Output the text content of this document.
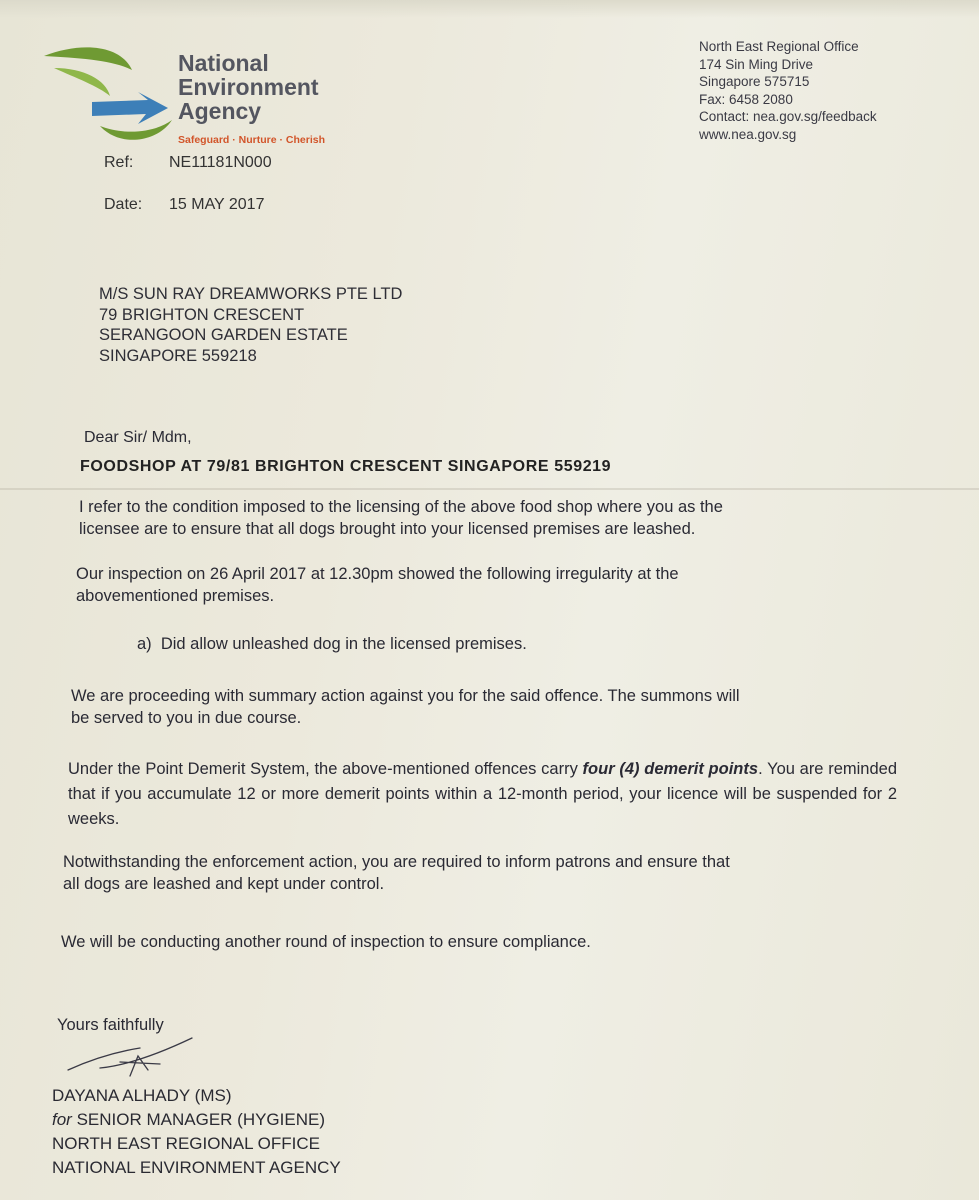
National
Environment
Agency
Safeguard · Nurture · Cherish
North East Regional Office
174 Sin Ming Drive
Singapore 575715
Fax: 6458 2080
Contact: nea.gov.sg/feedback
www.nea.gov.sg
Ref: NE11181N000
Date: 15 MAY 2017
M/S SUN RAY DREAMWORKS PTE LTD
79 BRIGHTON CRESCENT
SERANGOON GARDEN ESTATE
SINGAPORE 559218
Dear Sir/ Mdm,
FOODSHOP AT 79/81 BRIGHTON CRESCENT SINGAPORE 559219
I refer to the condition imposed to the licensing of the above food shop where you as the
licensee are to ensure that all dogs brought into your licensed premises are leashed.
Our inspection on 26 April 2017 at 12.30pm showed the following irregularity at the
abovementioned premises.
a)  Did allow unleashed dog in the licensed premises.
We are proceeding with summary action against you for the said offence. The summons will
be served to you in due course.
Under the Point Demerit System, the above-mentioned offences carry four (4) demerit points. You are reminded that if you accumulate 12 or more demerit points within a 12-month period, your licence will be suspended for 2 weeks.
Notwithstanding the enforcement action, you are required to inform patrons and ensure that
all dogs are leashed and kept under control.
We will be conducting another round of inspection to ensure compliance.
Yours faithfully
DAYANA ALHADY (MS)
for SENIOR MANAGER (HYGIENE)
NORTH EAST REGIONAL OFFICE
NATIONAL ENVIRONMENT AGENCY
